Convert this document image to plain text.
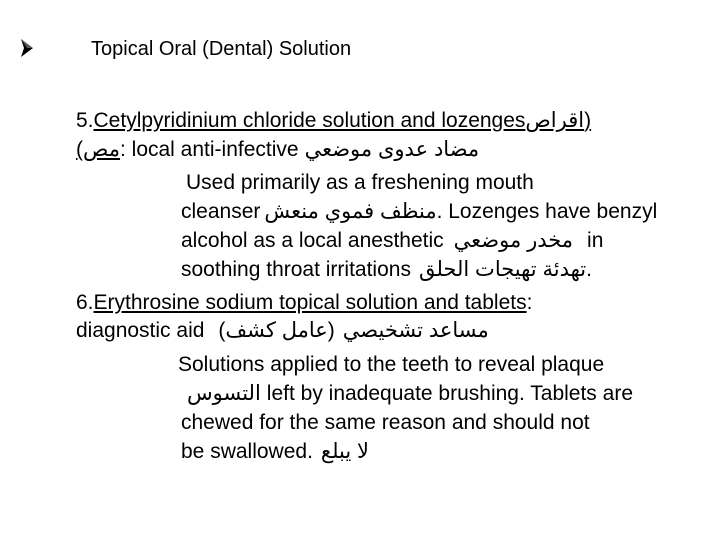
Topical Oral (Dental) Solution
5.Cetylpyridinium chloride solution and lozengesاقراص)
(مص: local anti-infective مضاد عدوى موضعي
Used primarily as a freshening mouth
cleanser منظف فموي منعش. Lozenges have benzyl
alcohol as a local anesthetic مخدر موضعي in
soothing throat irritations تهدئة تهيجات الحلق.
6.Erythrosine sodium topical solution and tablets:
diagnostic aid (عامل كشف) مساعد تشخيصي
Solutions applied to the teeth to reveal plaque
التسوس left by inadequate brushing. Tablets are
chewed for the same reason and should not
be swallowed. لا يبلع
